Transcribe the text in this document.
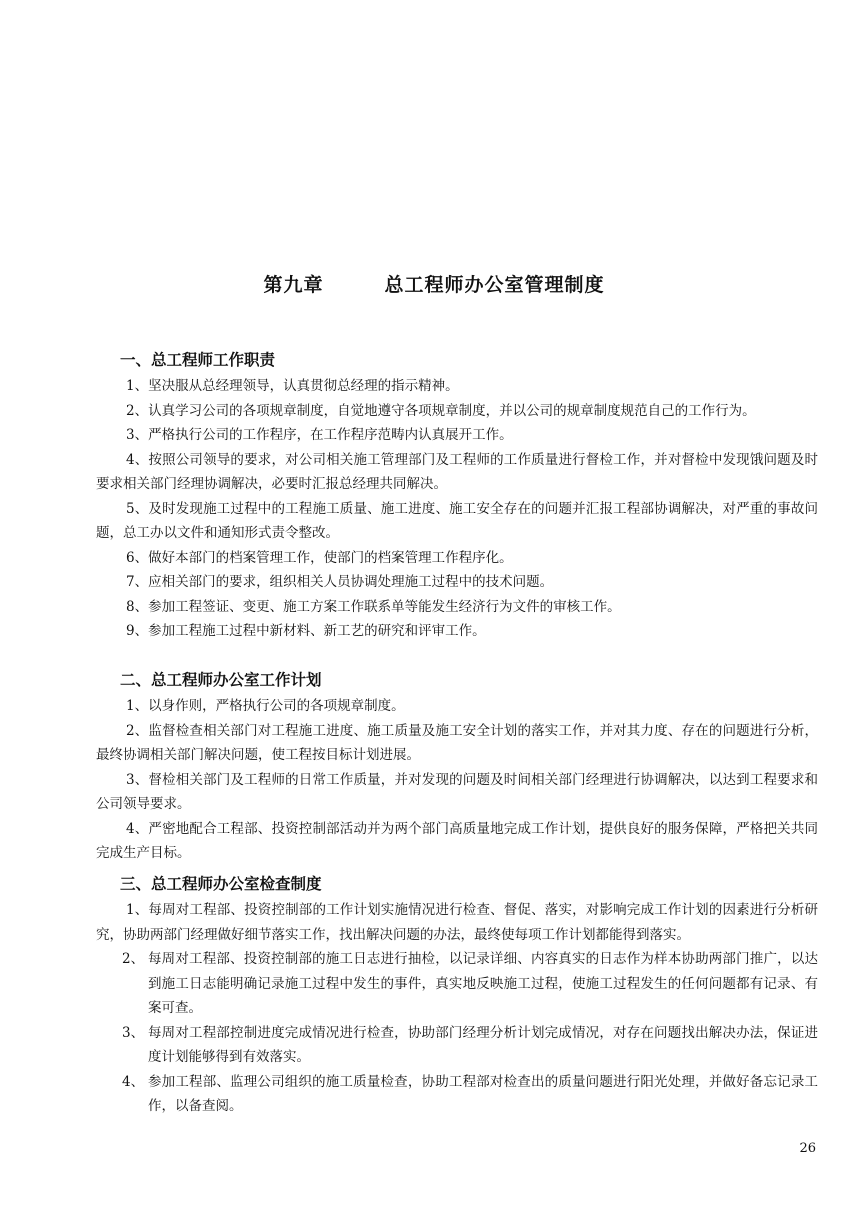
第九章        总工程师办公室管理制度
一、总工程师工作职责

1、坚决服从总经理领导，认真贯彻总经理的指示精神。

2、认真学习公司的各项规章制度，自觉地遵守各项规章制度，并以公司的规章制度规范自己的工作行为。

3、严格执行公司的工作程序，在工作程序范畴内认真展开工作。

4、按照公司领导的要求，对公司相关施工管理部门及工程师的工作质量进行督检工作，并对督检中发现饿问题及时要求相关部门经理协调解决，必要时汇报总经理共同解决。

5、及时发现施工过程中的工程施工质量、施工进度、施工安全存在的问题并汇报工程部协调解决，对严重的事故问题，总工办以文件和通知形式责令整改。

6、做好本部门的档案管理工作，使部门的档案管理工作程序化。

7、应相关部门的要求，组织相关人员协调处理施工过程中的技术问题。

8、参加工程签证、变更、施工方案工作联系单等能发生经济行为文件的审核工作。

9、参加工程施工过程中新材料、新工艺的研究和评审工作。

二、总工程师办公室工作计划

1、以身作则，严格执行公司的各项规章制度。

2、监督检查相关部门对工程施工进度、施工质量及施工安全计划的落实工作，并对其力度、存在的问题进行分析，最终协调相关部门解决问题，使工程按目标计划进展。

3、督检相关部门及工程师的日常工作质量，并对发现的问题及时间相关部门经理进行协调解决，以达到工程要求和公司领导要求。

4、严密地配合工程部、投资控制部活动并为两个部门高质量地完成工作计划，提供良好的服务保障，严格把关共同完成生产目标。

三、总工程师办公室检查制度

1、每周对工程部、投资控制部的工作计划实施情况进行检查、督促、落实，对影响完成工作计划的因素进行分析研究，协助两部门经理做好细节落实工作，找出解决问题的办法，最终使每项工作计划都能得到落实。

2、 每周对工程部、投资控制部的施工日志进行抽检，以记录详细、内容真实的日志作为样本协助两部门推广，以达到施工日志能明确记录施工过程中发生的事件，真实地反映施工过程，使施工过程发生的任何问题都有记录、有案可查。
3、 每周对工程部控制进度完成情况进行检查，协助部门经理分析计划完成情况，对存在问题找出解决办法，保证进度计划能够得到有效落实。
4、 参加工程部、监理公司组织的施工质量检查，协助工程部对检查出的质量问题进行阳光处理，并做好备忘记录工作，以备查阅。
26
